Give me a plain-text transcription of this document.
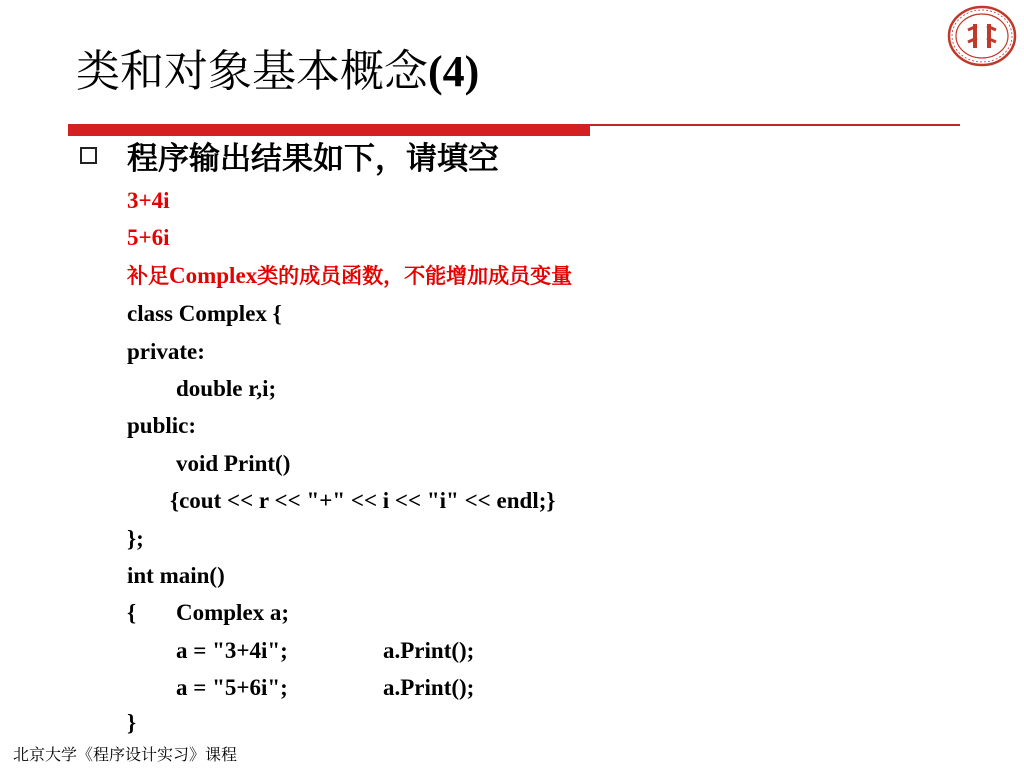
类和对象基本概念(4)
程序输出结果如下，请填空
3+4i
5+6i
补足Complex类的成员函数，不能增加成员变量
class Complex {
private:
double r,i;
public:
void Print()
{cout << r << "+" << i << "i" << endl;}
};
int main()
{ Complex a;
a = "3+4i";	a.Print();
a = "5+6i";	a.Print();
}
北京大学《程序设计实习》课程
